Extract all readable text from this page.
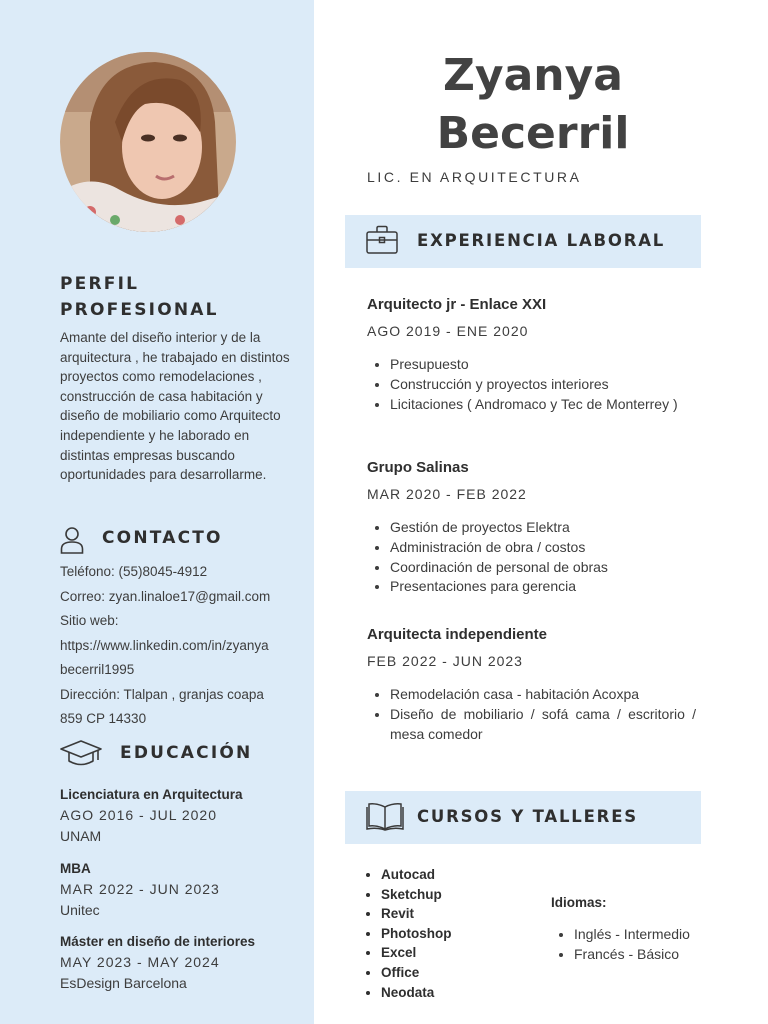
PERFIL
PROFESIONAL
Amante del diseño interior y de la arquitectura , he trabajado en distintos proyectos como remodelaciones , construcción de casa habitación y diseño de mobiliario como Arquitecto independiente y he laborado en distintas empresas buscando oportunidades para desarrollarme.
CONTACTO
Teléfono: (55)8045-4912
Correo: zyan.linaloe17@gmail.com
Sitio web:
https://www.linkedin.com/in/zyanya
becerril1995
Dirección: Tlalpan , granjas coapa
859 CP 14330
EDUCACIÓN
Licenciatura en Arquitectura
AGO 2016 - JUL 2020
UNAM
MBA
MAR 2022 - JUN 2023
Unitec
Máster en diseño de interiores
MAY 2023 - MAY 2024
EsDesign Barcelona
Zyanya
Becerril
LIC. EN ARQUITECTURA
EXPERIENCIA LABORAL
Arquitecto jr - Enlace XXI
AGO 2019 - ENE 2020
• Presupuesto
• Construcción y proyectos interiores
• Licitaciones ( Andromaco y Tec de Monterrey )
Grupo Salinas
MAR 2020 - FEB 2022
• Gestión de proyectos Elektra
• Administración de obra / costos
• Coordinación de personal de obras
• Presentaciones para gerencia
Arquitecta independiente
FEB 2022 - JUN 2023
• Remodelación casa - habitación Acoxpa
• Diseño de mobiliario / sofá cama / escritorio / mesa comedor
CURSOS Y TALLERES
• Autocad
• Sketchup
• Revit
• Photoshop
• Excel
• Office
• Neodata
Idiomas:
• Inglés - Intermedio
• Francés - Básico
